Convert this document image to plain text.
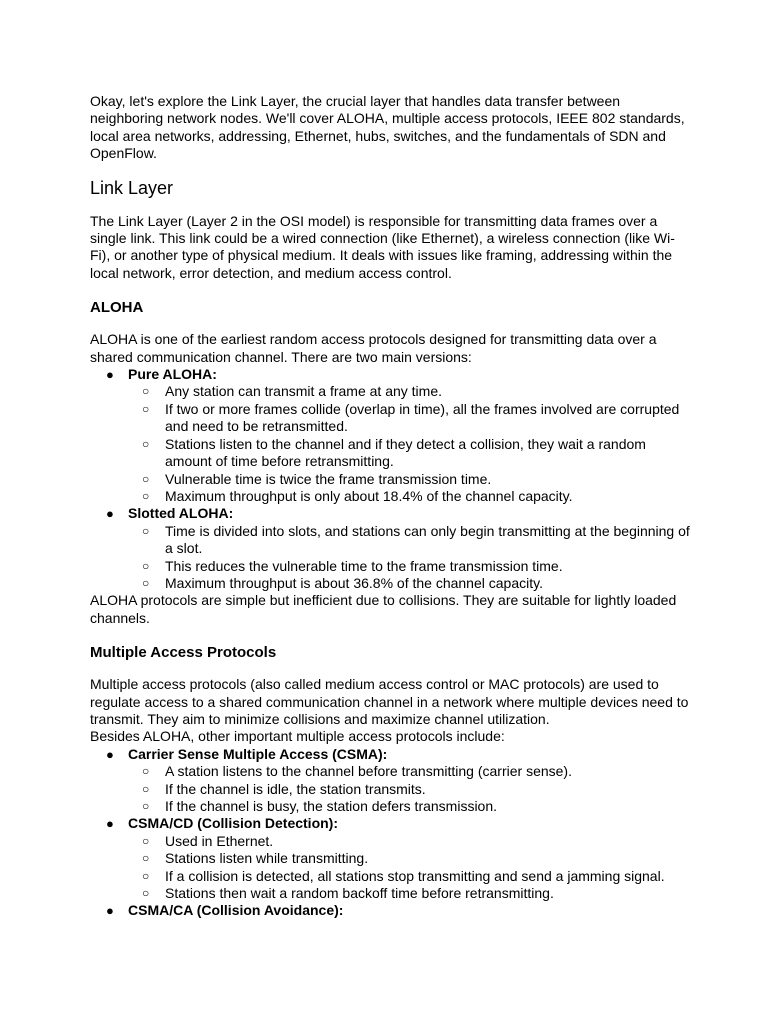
Okay, let's explore the Link Layer, the crucial layer that handles data transfer between neighboring network nodes. We'll cover ALOHA, multiple access protocols, IEEE 802 standards, local area networks, addressing, Ethernet, hubs, switches, and the fundamentals of SDN and OpenFlow.

Link Layer

The Link Layer (Layer 2 in the OSI model) is responsible for transmitting data frames over a single link. This link could be a wired connection (like Ethernet), a wireless connection (like Wi-Fi), or another type of physical medium. It deals with issues like framing, addressing within the local network, error detection, and medium access control.

ALOHA

ALOHA is one of the earliest random access protocols designed for transmitting data over a shared communication channel. There are two main versions:

● Pure ALOHA:
○ Any station can transmit a frame at any time.
○ If two or more frames collide (overlap in time), all the frames involved are corrupted and need to be retransmitted.
○ Stations listen to the channel and if they detect a collision, they wait a random amount of time before retransmitting.
○ Vulnerable time is twice the frame transmission time.
○ Maximum throughput is only about 18.4% of the channel capacity.
● Slotted ALOHA:
○ Time is divided into slots, and stations can only begin transmitting at the beginning of a slot.
○ This reduces the vulnerable time to the frame transmission time.
○ Maximum throughput is about 36.8% of the channel capacity.

ALOHA protocols are simple but inefficient due to collisions. They are suitable for lightly loaded channels.

Multiple Access Protocols

Multiple access protocols (also called medium access control or MAC protocols) are used to regulate access to a shared communication channel in a network where multiple devices need to transmit. They aim to minimize collisions and maximize channel utilization.

Besides ALOHA, other important multiple access protocols include:

● Carrier Sense Multiple Access (CSMA):
○ A station listens to the channel before transmitting (carrier sense).
○ If the channel is idle, the station transmits.
○ If the channel is busy, the station defers transmission.
● CSMA/CD (Collision Detection):
○ Used in Ethernet.
○ Stations listen while transmitting.
○ If a collision is detected, all stations stop transmitting and send a jamming signal.
○ Stations then wait a random backoff time before retransmitting.
● CSMA/CA (Collision Avoidance):
